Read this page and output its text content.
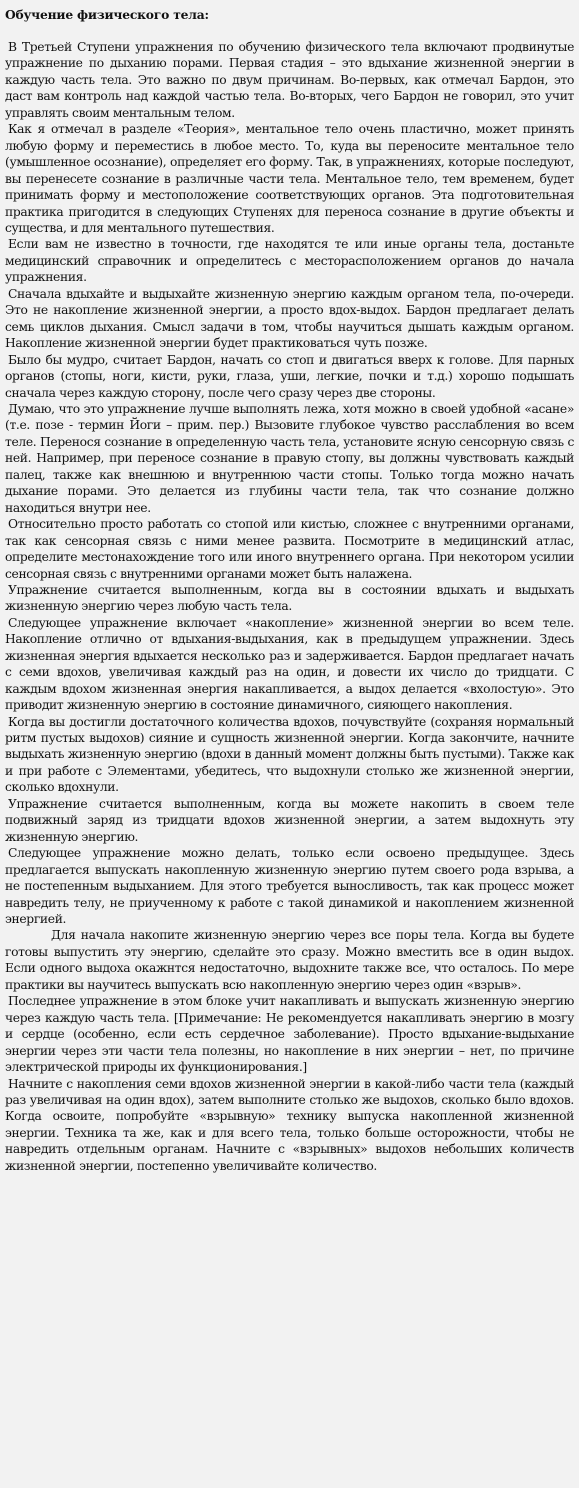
Обучение физического тела:

В Третьей Ступени упражнения по обучению физического тела включают продвинутые упражнение по дыханию порами. Первая стадия – это вдыхание жизненной энергии в каждую часть тела. Это важно по двум причинам. Во-первых, как отмечал Бардон, это даст вам контроль над каждой частью тела. Во-вторых, чего Бардон не говорил, это учит управлять своим ментальным телом.

Как я отмечал в разделе «Теория», ментальное тело очень пластично, может принять любую форму и переместись в любое место. То, куда вы переносите ментальное тело (умышленное осознание), определяет его форму. Так, в упражнениях, которые последуют, вы перенесете сознание в различные части тела. Ментальное тело, тем временем, будет принимать форму и местоположение соответствующих органов. Эта подготовительная практика пригодится в следующих Ступенях для переноса сознание в другие объекты и существа, и для ментального путешествия.

Если вам не известно в точности, где находятся те или иные органы тела, достаньте медицинский справочник и определитесь с месторасположением органов до начала упражнения.

Сначала вдыхайте и выдыхайте жизненную энергию каждым органом тела, по-очереди. Это не накопление жизненной энергии, а просто вдох-выдох. Бардон предлагает делать семь циклов дыхания. Смысл задачи в том, чтобы научиться дышать каждым органом. Накопление жизненной энергии будет практиковаться чуть позже.

Было бы мудро, считает Бардон, начать со стоп и двигаться вверх к голове. Для парных органов (стопы, ноги, кисти, руки, глаза, уши, легкие, почки и т.д.) хорошо подышать сначала через каждую сторону, после чего сразу через две стороны.

Думаю, что это упражнение лучше выполнять лежа, хотя можно в своей удобной «асане» (т.е. позе - термин Йоги – прим. пер.) Вызовите глубокое чувство расслабления во всем теле. Перенося сознание в определенную часть тела, установите ясную сенсорную связь с ней. Например, при переносе сознание в правую стопу, вы должны чувствовать каждый палец, также как внешнюю и внутреннюю части стопы. Только тогда можно начать дыхание порами. Это делается из глубины части тела, так что сознание должно находиться внутри нее.

Относительно просто работать со стопой или кистью, сложнее с внутренними органами, так как сенсорная связь с ними менее развита. Посмотрите в медицинский атлас, определите местонахождение того или иного внутреннего органа. При некотором усилии сенсорная связь с внутренними органами может быть налажена.

Упражнение считается выполненным, когда вы в состоянии вдыхать и выдыхать жизненную энергию через любую часть тела.

Следующее упражнение включает «накопление» жизненной энергии во всем теле. Накопление отлично от вдыхания-выдыхания, как в предыдущем упражнении. Здесь жизненная энергия вдыхается несколько раз и задерживается. Бардон предлагает начать с семи вдохов, увеличивая каждый раз на один, и довести их число до тридцати. С каждым вдохом жизненная энергия накапливается, а выдох делается «вхолостую». Это приводит жизненную энергию в состояние динамичного, сияющего накопления.

Когда вы достигли достаточного количества вдохов, почувствуйте (сохраняя нормальный ритм пустых выдохов) сияние и сущность жизненной энергии. Когда закончите, начните выдыхать жизненную энергию (вдохи в данный момент должны быть пустыми). Также как и при работе с Элементами, убедитесь, что выдохнули столько же жизненной энергии, сколько вдохнули.

Упражнение считается выполненным, когда вы можете накопить в своем теле подвижный заряд из тридцати вдохов жизненной энергии, а затем выдохнуть эту жизненную энергию.

Следующее упражнение можно делать, только если освоено предыдущее. Здесь предлагается выпускать накопленную жизненную энергию путем своего рода взрыва, а не постепенным выдыханием. Для этого требуется выносливость, так как процесс может навредить телу, не приученному к работе с такой динамикой и накоплением жизненной энергией.

Для начала накопите жизненную энергию через все поры тела. Когда вы будете готовы выпустить эту энергию, сделайте это сразу. Можно вместить все в один выдох. Если одного выдоха окажнтся недостаточно, выдохните также все, что осталось. По мере практики вы научитесь выпускать всю накопленную энергию через один «взрыв».

Последнее упражнение в этом блоке учит накапливать и выпускать жизненную энергию через каждую часть тела. [Примечание: Не рекомендуется накапливать энергию в мозгу и сердце (особенно, если есть сердечное заболевание). Просто вдыхание-выдыхание энергии через эти части тела полезны, но накопление в них энергии – нет, по причине электрической природы их функционирования.]

Начните с накопления семи вдохов жизненной энергии в какой-либо части тела (каждый раз увеличивая на один вдох), затем выполните столько же выдохов, сколько было вдохов. Когда освоите, попробуйте «взрывную» технику выпуска накопленной жизненной энергии. Техника та же, как и для всего тела, только больше осторожности, чтобы не навредить отдельным органам. Начните с «взрывных» выдохов небольших количеств жизненной энергии, постепенно увеличивайте количество.
